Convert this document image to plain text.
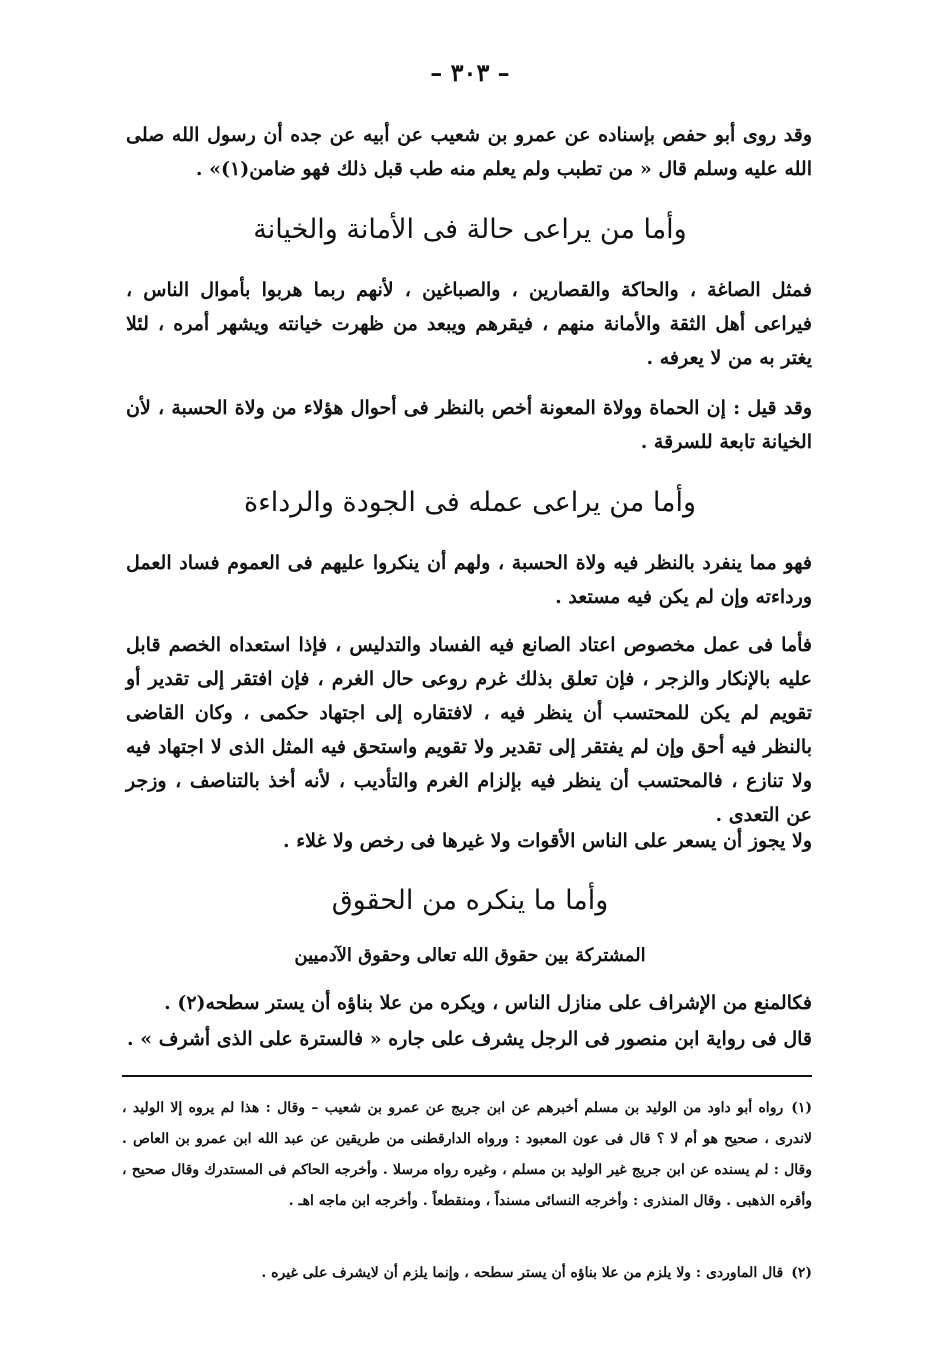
– ٣٠٣ –
وقد روى أبو حفص بإسناده عن عمرو بن شعيب عن أبيه عن جده أن رسول الله صلى الله عليه وسلم قال « من تطبب ولم يعلم منه طب قبل ذلك فهو ضامن(١)» .
وأما من يراعى حالة فى الأمانة والخيانة
فمثل الصاغة ، والحاكة والقصارين ، والصباغين ، لأنهم ربما هربوا بأموال الناس ، فيراعى أهل الثقة والأمانة منهم ، فيقرهم ويبعد من ظهرت خيانته ويشهر أمره ، لئلا يغتر به من لا يعرفه .
وقد قيل : إن الحماة وولاة المعونة أخص بالنظر فى أحوال هؤلاء من ولاة الحسبة ، لأن الخيانة تابعة للسرقة .
وأما من يراعى عمله فى الجودة والرداءة
فهو مما ينفرد بالنظر فيه ولاة الحسبة ، ولهم أن ينكروا عليهم فى العموم فساد العمل ورداءته وإن لم يكن فيه مستعد .
فأما فى عمل مخصوص اعتاد الصانع فيه الفساد والتدليس ، فإذا استعداه الخصم قابل عليه بالإنكار والزجر ، فإن تعلق بذلك غرم روعى حال الغرم ، فإن افتقر إلى تقدير أو تقويم لم يكن للمحتسب أن ينظر فيه ، لافتقاره إلى اجتهاد حكمى ، وكان القاضى بالنظر فيه أحق وإن لم يفتقر إلى تقدير ولا تقويم واستحق فيه المثل الذى لا اجتهاد فيه ولا تنازع ، فالمحتسب أن ينظر فيه بإلزام الغرم والتأديب ، لأنه أخذ بالتناصف ، وزجر عن التعدى .
ولا يجوز أن يسعر على الناس الأقوات ولا غيرها فى رخص ولا غلاء .
وأما ما ينكره من الحقوق
المشتركة بين حقوق الله تعالى وحقوق الآدميين
فكالمنع من الإشراف على منازل الناس ، ويكره من علا بناؤه أن يستر سطحه(٢) .
قال فى رواية ابن منصور فى الرجل يشرف على جاره « فالسترة على الذى أشرف » .
(١)رواه أبو داود من الوليد بن مسلم أخبرهم عن ابن جريج عن عمرو بن شعيب – وقال : هذا لم يروه إلا الوليد ، لاندرى ، صحيح هو أم لا ؟ قال فى عون المعبود : ورواه الدارقطنى من طريقين عن عبد الله ابن عمرو بن العاص . وقال : لم يسنده عن ابن جريج غير الوليد بن مسلم ، وغيره رواه مرسلا . وأخرجه الحاكم فى المستدرك وقال صحيح ، وأقره الذهبى . وقال المنذرى : وأخرجه النسائى مسنداً ، ومنقطعاً . وأخرجه ابن ماجه اهـ .
(٢)قال الماوردى : ولا يلزم من علا بناؤه أن يستر سطحه ، وإنما يلزم أن لايشرف على غيره .
